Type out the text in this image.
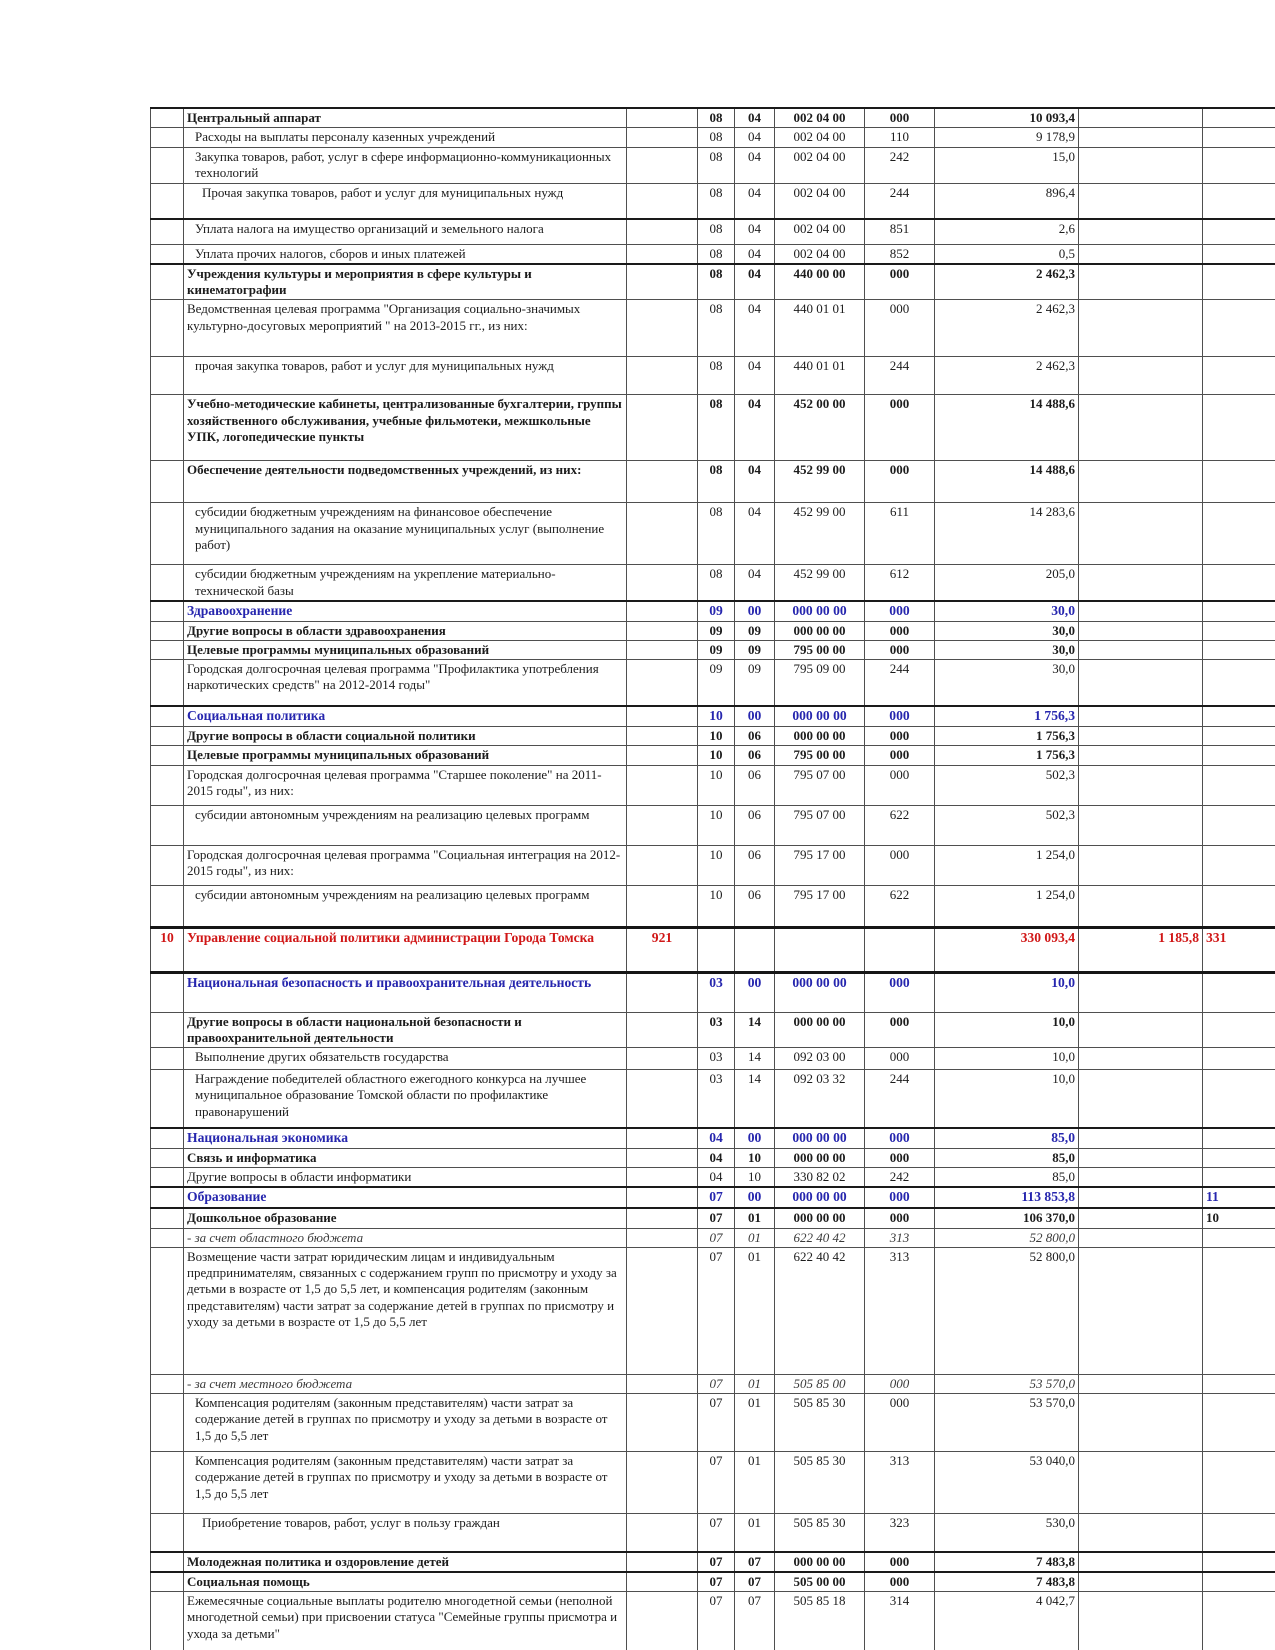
	Центральный аппарат		08	04	002 04 00	000	10 093,4		
	Расходы на выплаты персоналу казенных учреждений		08	04	002 04 00	110	9 178,9		
	Закупка товаров, работ, услуг в сфере информационно-коммуникационных технологий		08	04	002 04 00	242	15,0		
	Прочая закупка товаров, работ и услуг для муниципальных нужд		08	04	002 04 00	244	896,4		
	Уплата налога на имущество организаций и земельного налога		08	04	002 04 00	851	2,6		
	Уплата прочих налогов, сборов и иных платежей		08	04	002 04 00	852	0,5		
	Учреждения культуры и мероприятия в сфере культуры и кинематографии		08	04	440 00 00	000	2 462,3		
	Ведомственная целевая программа "Организация социально-значимых культурно-досуговых мероприятий " на 2013-2015 гг., из них:		08	04	440 01 01	000	2 462,3		
	прочая закупка товаров, работ и услуг для муниципальных нужд		08	04	440 01 01	244	2 462,3		
	Учебно-методические кабинеты, централизованные бухгалтерии, группы хозяйственного обслуживания, учебные фильмотеки, межшкольные УПК, логопедические пункты		08	04	452 00 00	000	14 488,6		
	Обеспечение деятельности подведомственных учреждений, из них:		08	04	452 99 00	000	14 488,6		
	субсидии бюджетным учреждениям на финансовое обеспечение муниципального задания на оказание муниципальных услуг (выполнение работ)		08	04	452 99 00	611	14 283,6		
	субсидии бюджетным учреждениям на укрепление материально-технической базы		08	04	452 99 00	612	205,0		
	Здравоохранение		09	00	000 00 00	000	30,0		
	Другие вопросы в области здравоохранения		09	09	000 00 00	000	30,0		
	Целевые программы муниципальных образований		09	09	795 00 00	000	30,0		
	Городская долгосрочная целевая программа "Профилактика употребления наркотических средств" на 2012-2014 годы"		09	09	795 09 00	244	30,0		
	Социальная политика		10	00	000 00 00	000	1 756,3		
	Другие вопросы в области социальной политики		10	06	000 00 00	000	1 756,3		
	Целевые программы муниципальных образований		10	06	795 00 00	000	1 756,3		
	Городская долгосрочная целевая программа "Старшее поколение" на 2011-2015 годы", из них:		10	06	795 07 00	000	502,3		
	субсидии автономным учреждениям на реализацию целевых программ		10	06	795 07 00	622	502,3		
	Городская долгосрочная целевая программа "Социальная интеграция на 2012-2015 годы", из них:		10	06	795 17 00	000	1 254,0		
	субсидии автономным учреждениям на реализацию целевых программ		10	06	795 17 00	622	1 254,0		
10	Управление социальной политики администрации Города Томска	921					330 093,4	1 185,8	331
	Национальная безопасность и правоохранительная деятельность		03	00	000 00 00	000	10,0		
	Другие вопросы в области национальной безопасности и правоохранительной деятельности		03	14	000 00 00	000	10,0		
	Выполнение других обязательств государства		03	14	092 03 00	000	10,0		
	Награждение победителей областного ежегодного конкурса на лучшее муниципальное образование Томской области по профилактике правонарушений		03	14	092 03 32	244	10,0		
	Национальная экономика		04	00	000 00 00	000	85,0		
	Связь и информатика		04	10	000 00 00	000	85,0		
	Другие вопросы в области информатики		04	10	330 82 02	242	85,0		
	Образование		07	00	000 00 00	000	113 853,8		11
	Дошкольное образование		07	01	000 00 00	000	106 370,0		10
	- за счет областного бюджета		07	01	622 40 42	313	52 800,0		
	Возмещение части затрат юридическим лицам и индивидуальным предпринимателям, связанных с содержанием групп по присмотру и уходу за детьми в возрасте от 1,5 до 5,5 лет, и компенсация родителям (законным представителям) части затрат за содержание детей в группах по присмотру и уходу за детьми в возрасте от 1,5 до 5,5 лет		07	01	622 40 42	313	52 800,0		
	- за счет местного бюджета		07	01	505 85 00	000	53 570,0		
	Компенсация родителям (законным представителям) части затрат за содержание детей в группах по присмотру и уходу за детьми в возрасте от 1,5 до 5,5 лет		07	01	505 85 30	000	53 570,0		
	Компенсация родителям (законным представителям) части затрат за содержание детей в группах по присмотру и уходу за детьми в возрасте от 1,5 до 5,5 лет		07	01	505 85 30	313	53 040,0		
	Приобретение товаров, работ, услуг в пользу граждан		07	01	505 85 30	323	530,0		
	Молодежная политика и оздоровление детей		07	07	000 00 00	000	7 483,8		
	Социальная помощь		07	07	505 00 00	000	7 483,8		
	Ежемесячные социальные выплаты родителю многодетной семьи (неполной многодетной семьи) при присвоении статуса "Семейные группы присмотра и ухода за детьми"		07	07	505 85 18	314	4 042,7		
